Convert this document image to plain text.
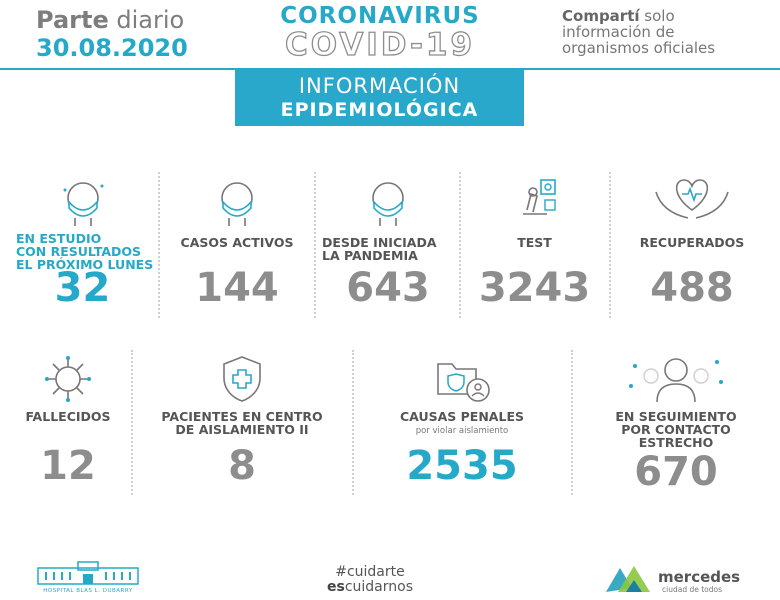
Parte diario
30.08.2020
CORONAVIRUS
COVID-19
Compartí solo
información de
organismos oficiales
INFORMACIÓN
EPIDEMIOLÓGICA
EN ESTUDIO
CON RESULTADOS
EL PRÓXIMO LUNES
32
CASOS ACTIVOS
144
DESDE INICIADA
LA PANDEMIA
643
TEST
3243
RECUPERADOS
488
FALLECIDOS
12
PACIENTES EN CENTRO
DE AISLAMIENTO II
8
CAUSAS PENALES
por violar aislamiento
2535
EN SEGUIMIENTO
POR CONTACTO
ESTRECHO
670
HOSPITAL BLAS L. DUBARRY
#cuidarte
escuidarnos
mercedes
ciudad de todos
